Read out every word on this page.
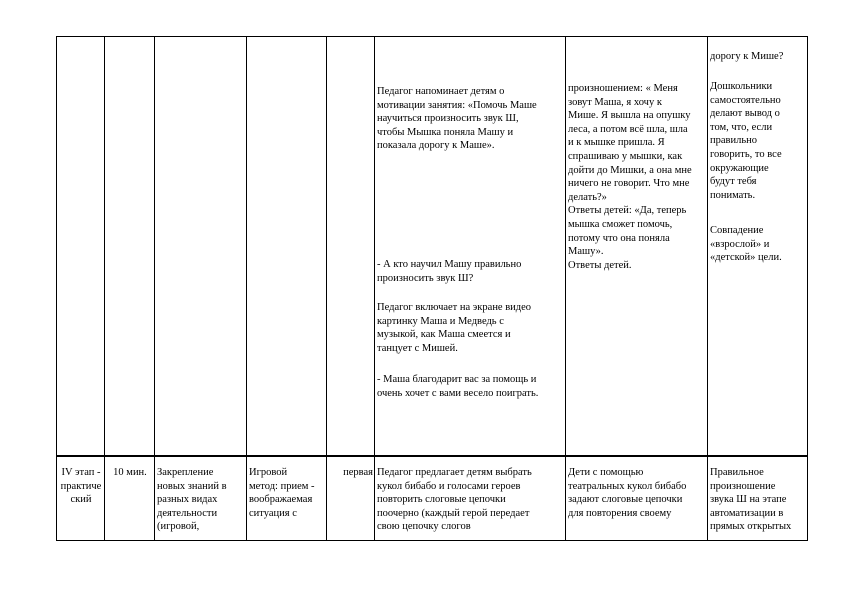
Педагог напоминает детям о
мотивации занятия: «Помочь Маше
научиться произносить звук Ш,
чтобы Мышка поняла Машу и
показала дорогу к Маше».
- А кто научил Машу правильно
произносить звук Ш?
Педагог включает на экране видео
картинку Маша и Медведь с
музыкой, как Маша смеется и
танцует с Мишей.
- Маша благодарит вас за помощь и
очень хочет с вами весело поиграть.
произношением: « Меня
зовут Маша, я хочу к
Мише. Я вышла на опушку
леса, а потом всё шла, шла
и к мышке пришла. Я
спрашиваю у мышки, как
дойти до Мишки, а она мне
ничего не говорит. Что мне
делать?»
Ответы детей: «Да, теперь
мышка сможет помочь,
потому что она поняла
Машу».
Ответы детей.
дорогу к Мише?
Дошкольники
самостоятельно
делают вывод о
том, что, если
правильно
говорить, то все
окружающие
будут тебя
понимать.
Совпадение
«взрослой» и
«детской» цели.
IV этап -
практиче
ский
10 мин. Закрепление
новых знаний в
разных видах
деятельности
(игровой,
Игровой
метод: прием -
воображаемая
ситуация с
первая Педагог предлагает детям выбрать
кукол бибабо и голосами героев
повторить слоговые цепочки
поочерно (каждый герой передает
свою цепочку слогов
Дети с помощью
театральных кукол бибабо
задают слоговые цепочки
для повторения своему
Правильное
произношение
звука Ш на этапе
автоматизации в
прямых открытых
